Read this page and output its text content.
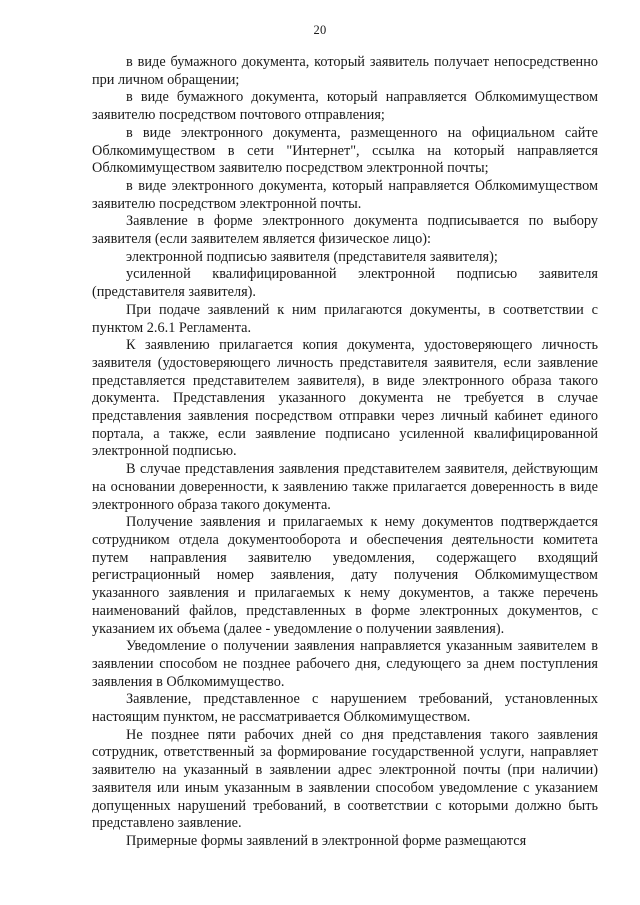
20

в виде бумажного документа, который заявитель получает непосредственно при личном обращении;

в виде бумажного документа, который направляется Облкомимуществом заявителю посредством почтового отправления;

в виде электронного документа, размещенного на официальном сайте Облкомимуществом в сети "Интернет", ссылка на который направляется Облкомимуществом заявителю посредством электронной почты;

в виде электронного документа, который направляется Облкомимуществом заявителю посредством электронной почты.

Заявление в форме электронного документа подписывается по выбору заявителя (если заявителем является физическое лицо):

электронной подписью заявителя (представителя заявителя);

усиленной квалифицированной электронной подписью заявителя (представителя заявителя).

При подаче заявлений к ним прилагаются документы, в соответствии с пунктом 2.6.1 Регламента.

К заявлению прилагается копия документа, удостоверяющего личность заявителя (удостоверяющего личность представителя заявителя, если заявление представляется представителем заявителя), в виде электронного образа такого документа. Представления указанного документа не требуется в случае представления заявления посредством отправки через личный кабинет единого портала, а также, если заявление подписано усиленной квалифицированной электронной подписью.

В случае представления заявления представителем заявителя, действующим на основании доверенности, к заявлению также прилагается доверенность в виде электронного образа такого документа.

Получение заявления и прилагаемых к нему документов подтверждается сотрудником отдела документооборота и обеспечения деятельности комитета путем направления заявителю уведомления, содержащего входящий регистрационный номер заявления, дату получения Облкомимуществом указанного заявления и прилагаемых к нему документов, а также перечень наименований файлов, представленных в форме электронных документов, с указанием их объема (далее - уведомление о получении заявления).

Уведомление о получении заявления направляется указанным заявителем в заявлении способом не позднее рабочего дня, следующего за днем поступления заявления в Облкомимущество.

Заявление, представленное с нарушением требований, установленных настоящим пунктом, не рассматривается Облкомимуществом.

Не позднее пяти рабочих дней со дня представления такого заявления сотрудник, ответственный за формирование государственной услуги, направляет заявителю на указанный в заявлении адрес электронной почты (при наличии) заявителя или иным указанным в заявлении способом уведомление с указанием допущенных нарушений требований, в соответствии с которыми должно быть представлено заявление.

Примерные формы заявлений в электронной форме размещаются
